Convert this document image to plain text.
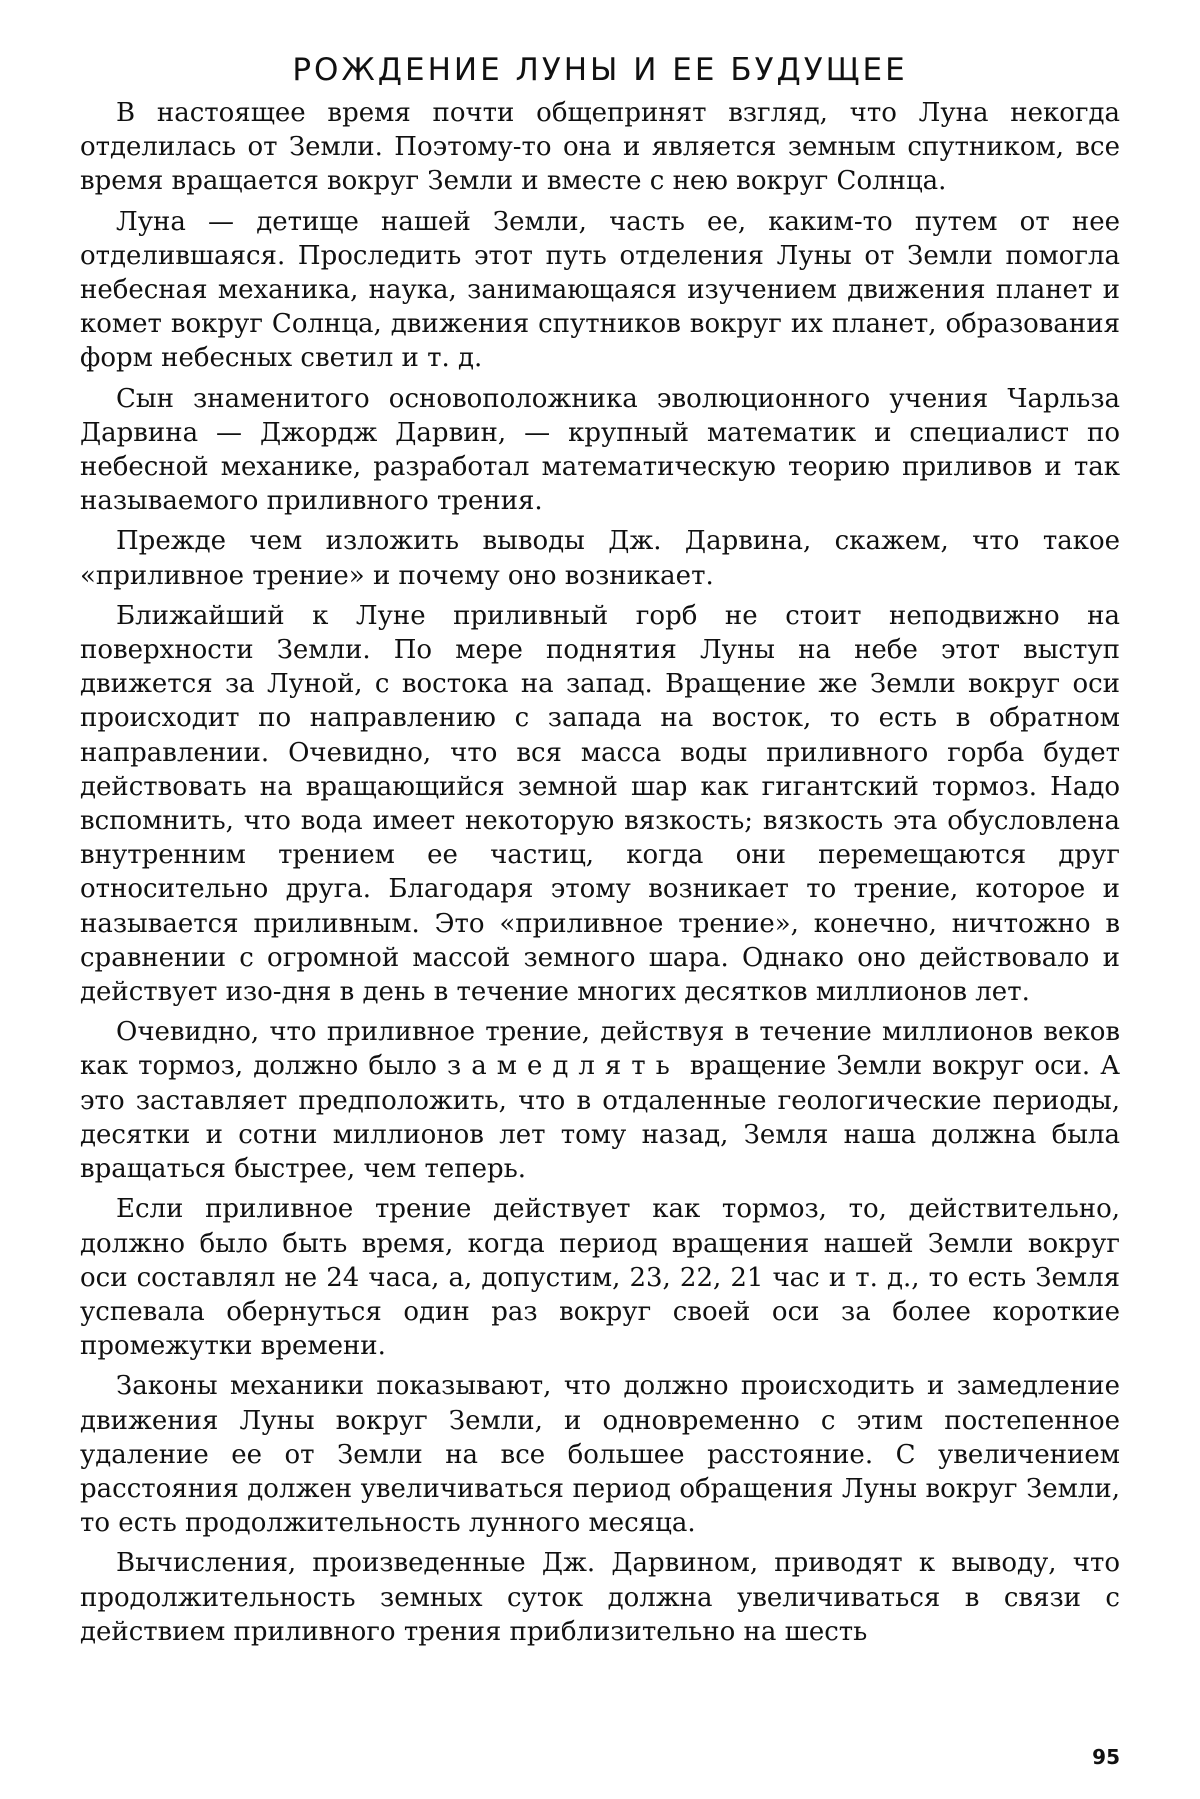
РОЖДЕНИЕ ЛУНЫ И ЕЕ БУДУЩЕЕ

В настоящее время почти общепринят взгляд, что Луна некогда отделилась от Земли. Поэтому-то она и является земным спутником, все время вращается вокруг Земли и вместе с нею вокруг Солнца.

Луна — детище нашей Земли, часть ее, каким-то путем от нее отделившаяся. Проследить этот путь отделения Луны от Земли помогла небесная механика, наука, занимающаяся изучением движения планет и комет вокруг Солнца, движения спутников вокруг их планет, образования форм небесных светил и т. д.

Сын знаменитого основоположника эволюционного учения Чарльза Дарвина — Джордж Дарвин, — крупный математик и специалист по небесной механике, разработал математическую теорию приливов и так называемого приливного трения.

Прежде чем изложить выводы Дж. Дарвина, скажем, что такое «приливное трение» и почему оно возникает.

Ближайший к Луне приливный горб не стоит неподвижно на поверхности Земли. По мере поднятия Луны на небе этот выступ движется за Луной, с востока на запад. Вращение же Земли вокруг оси происходит по направлению с запада на восток, то есть в обратном направлении. Очевидно, что вся масса воды приливного горба будет действовать на вращающийся земной шар как гигантский тормоз. Надо вспомнить, что вода имеет некоторую вязкость; вязкость эта обусловлена внутренним трением ее частиц, когда они перемещаются друг относительно друга. Благодаря этому возникает то трение, которое и называется приливным. Это «приливное трение», конечно, ничтожно в сравнении с огромной массой земного шара. Однако оно действовало и действует изо-дня в день в течение многих десятков миллионов лет.

Очевидно, что приливное трение, действуя в течение миллионов веков как тормоз, должно было замедлять вращение Земли вокруг оси. А это заставляет предположить, что в отдаленные геологические периоды, десятки и сотни миллионов лет тому назад, Земля наша должна была вращаться быстрее, чем теперь.

Если приливное трение действует как тормоз, то, действительно, должно было быть время, когда период вращения нашей Земли вокруг оси составлял не 24 часа, а, допустим, 23, 22, 21 час и т. д., то есть Земля успевала обернуться один раз вокруг своей оси за более короткие промежутки времени.

Законы механики показывают, что должно происходить и замедление движения Луны вокруг Земли, и одновременно с этим постепенное удаление ее от Земли на все большее расстояние. С увеличением расстояния должен увеличиваться период обращения Луны вокруг Земли, то есть продолжительность лунного месяца.

Вычисления, произведенные Дж. Дарвином, приводят к выводу, что продолжительность земных суток должна увеличиваться в связи с действием приливного трения приблизительно на шесть

95
